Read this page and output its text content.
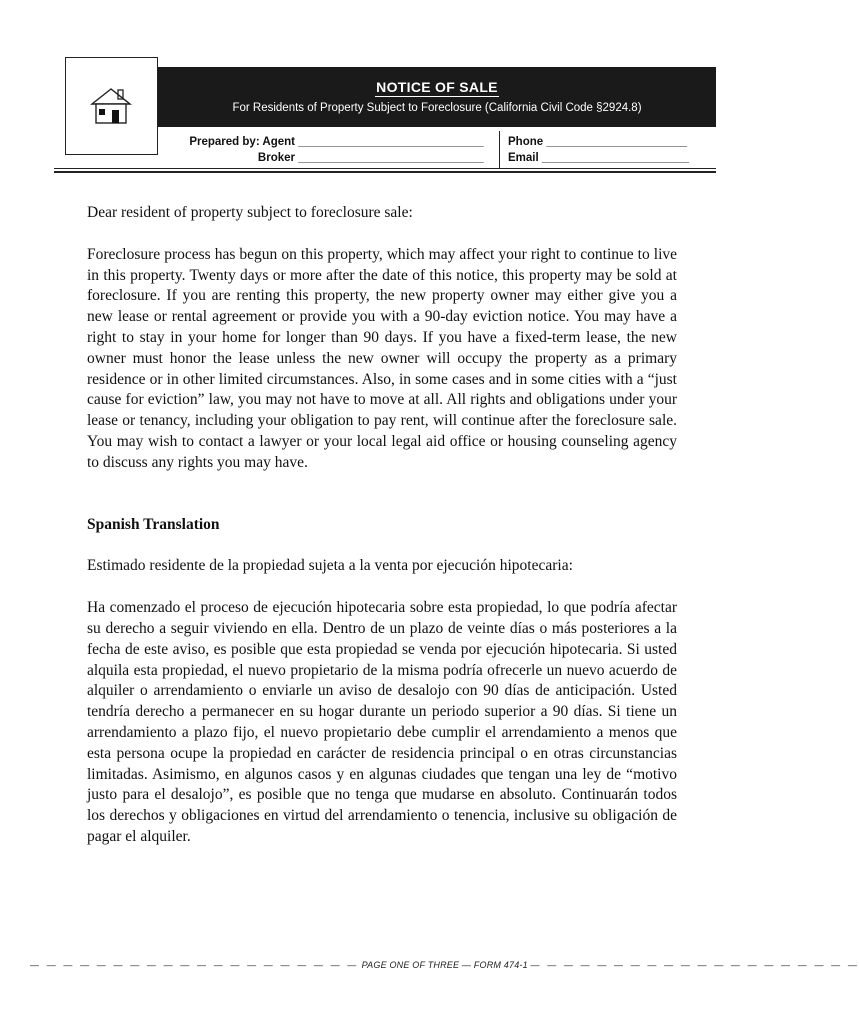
NOTICE OF SALE
For Residents of Property Subject to Foreclosure (California Civil Code §2924.8)
Prepared by: Agent _____________________________
Broker _____________________________
Phone ______________________
Email _______________________

Dear resident of property subject to foreclosure sale:

Foreclosure process has begun on this property, which may affect your right to continue to live in this property. Twenty days or more after the date of this notice, this property may be sold at foreclosure. If you are renting this property, the new property owner may either give you a new lease or rental agreement or provide you with a 90-day eviction notice. You may have a right to stay in your home for longer than 90 days. If you have a fixed-term lease, the new owner must honor the lease unless the new owner will occupy the property as a primary residence or in other limited circumstances. Also, in some cases and in some cities with a “just cause for eviction” law, you may not have to move at all. All rights and obligations under your lease or tenancy, including your obligation to pay rent, will continue after the foreclosure sale. You may wish to contact a lawyer or your local legal aid office or housing counseling agency to discuss any rights you may have.

Spanish Translation

Estimado residente de la propiedad sujeta a la venta por ejecución hipotecaria:

Ha comenzado el proceso de ejecución hipotecaria sobre esta propiedad, lo que podría afectar su derecho a seguir viviendo en ella. Dentro de un plazo de veinte días o más posteriores a la fecha de este aviso, es posible que esta propiedad se venda por ejecución hipotecaria. Si usted alquila esta propiedad, el nuevo propietario de la misma podría ofrecerle un nuevo acuerdo de alquiler o arrendamiento o enviarle un aviso de desalojo con 90 días de anticipación. Usted tendría derecho a permanecer en su hogar durante un periodo superior a 90 días. Si tiene un arrendamiento a plazo fijo, el nuevo propietario debe cumplir el arrendamiento a menos que esta persona ocupe la propiedad en carácter de residencia principal o en otras circunstancias limitadas. Asimismo, en algunos casos y en algunas ciudades que tengan una ley de “motivo justo para el desalojo”, es posible que no tenga que mudarse en absoluto. Continuarán todos los derechos y obligaciones en virtud del arrendamiento o tenencia, inclusive su obligación de pagar el alquiler.

— — — — — — — — — — — — — — — — — — — — PAGE ONE OF THREE — FORM 474-1 — — — — — — — — — — — — — — — — — — — —
